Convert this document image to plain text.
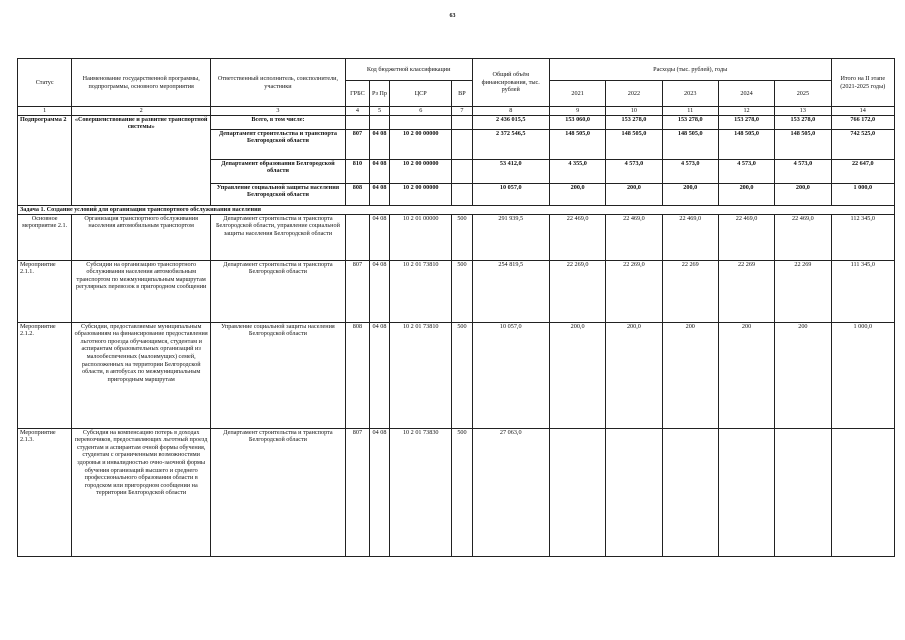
63
Статус	Наименование государственной программы, подпрограммы, основного мероприятия	Ответственный исполнитель, соисполнители, участники	Код бюджетной классификации				Общий объём финансирования, тыс. рублей	Расходы (тыс. рублей), годы					Итого на II этапе (2021-2025 годы)
			ГРБС	Рз Пр	ЦСР	ВР		2021	2022	2023	2024	2025	
1	2	3	4	5	6	7	8	9	10	11	12	13	14
Подпрограмма 2	«Совершенствование и развитие транспортной системы»	Всего, в том числе:					2 436 015,5	153 060,0	153 278,0	153 278,0	153 278,0	153 278,0	766 172,0
		Департамент строительства и транспорта Белгородской области	807	04 08	10 2 00 00000		2 372 546,5	148 505,0	148 505,0	148 505,0	148 505,0	148 505,0	742 525,0
		Департамент образования Белгородской области	810	04 08	10 2 00 00000		53 412,0	4 355,0	4 573,0	4 573,0	4 573,0	4 573,0	22 647,0
		Управление социальной защиты населения Белгородской области	808	04 08	10 2 00 00000		10 057,0	200,0	200,0	200,0	200,0	200,0	1 000,0
Задача 1. Создание условий для организации транспортного обслуживания населения													
Основное мероприятие 2.1.	Организация транспортного обслуживания населения автомобильным транспортом	Департамент строительства и транспорта Белгородской области, управление социальной защиты населения Белгородской области		04 08	10 2 01 00000	500	291 939,5	22 469,0	22 469,0	22 469,0	22 469,0	22 469,0	112 345,0
Мероприятие 2.1.1.	Субсидии на организацию транспортного обслуживания населения автомобильным транспортом по межмуниципальным маршрутам регулярных перевозок в пригородном сообщении	Департамент строительства и транспорта Белгородской области	807	04 08	10 2 01 73810	500	254 819,5	22 269,0	22 269,0	22 269	22 269	22 269	111 345,0
Мероприятие 2.1.2.	Субсидии, предоставляемые муниципальным образованиям на финансирование предоставления льготного проезда обучающимся, студентам и аспирантам образовательных организаций из малообеспеченных (малоимущих) семей, расположенных на территории Белгородской области, в автобусах по межмуниципальным пригородным маршрутам	Управление социальной защиты населения Белгородской области	808	04 08	10 2 01 73810	500	10 057,0	200,0	200,0	200	200	200	1 000,0
Мероприятие 2.1.3.	Субсидия на компенсацию потерь в доходах перевозчиков, предоставляющих льготный проезд студентам и аспирантам очной формы обучения, студентам с ограниченными возможностями здоровья и инвалидностью очно-заочной формы обучения организаций высшего и среднего профессионального образования области в городском или пригородном сообщении на территории Белгородской области	Департамент строительства и транспорта Белгородской области	807	04 08	10 2 01 73830	500	27 063,0						
